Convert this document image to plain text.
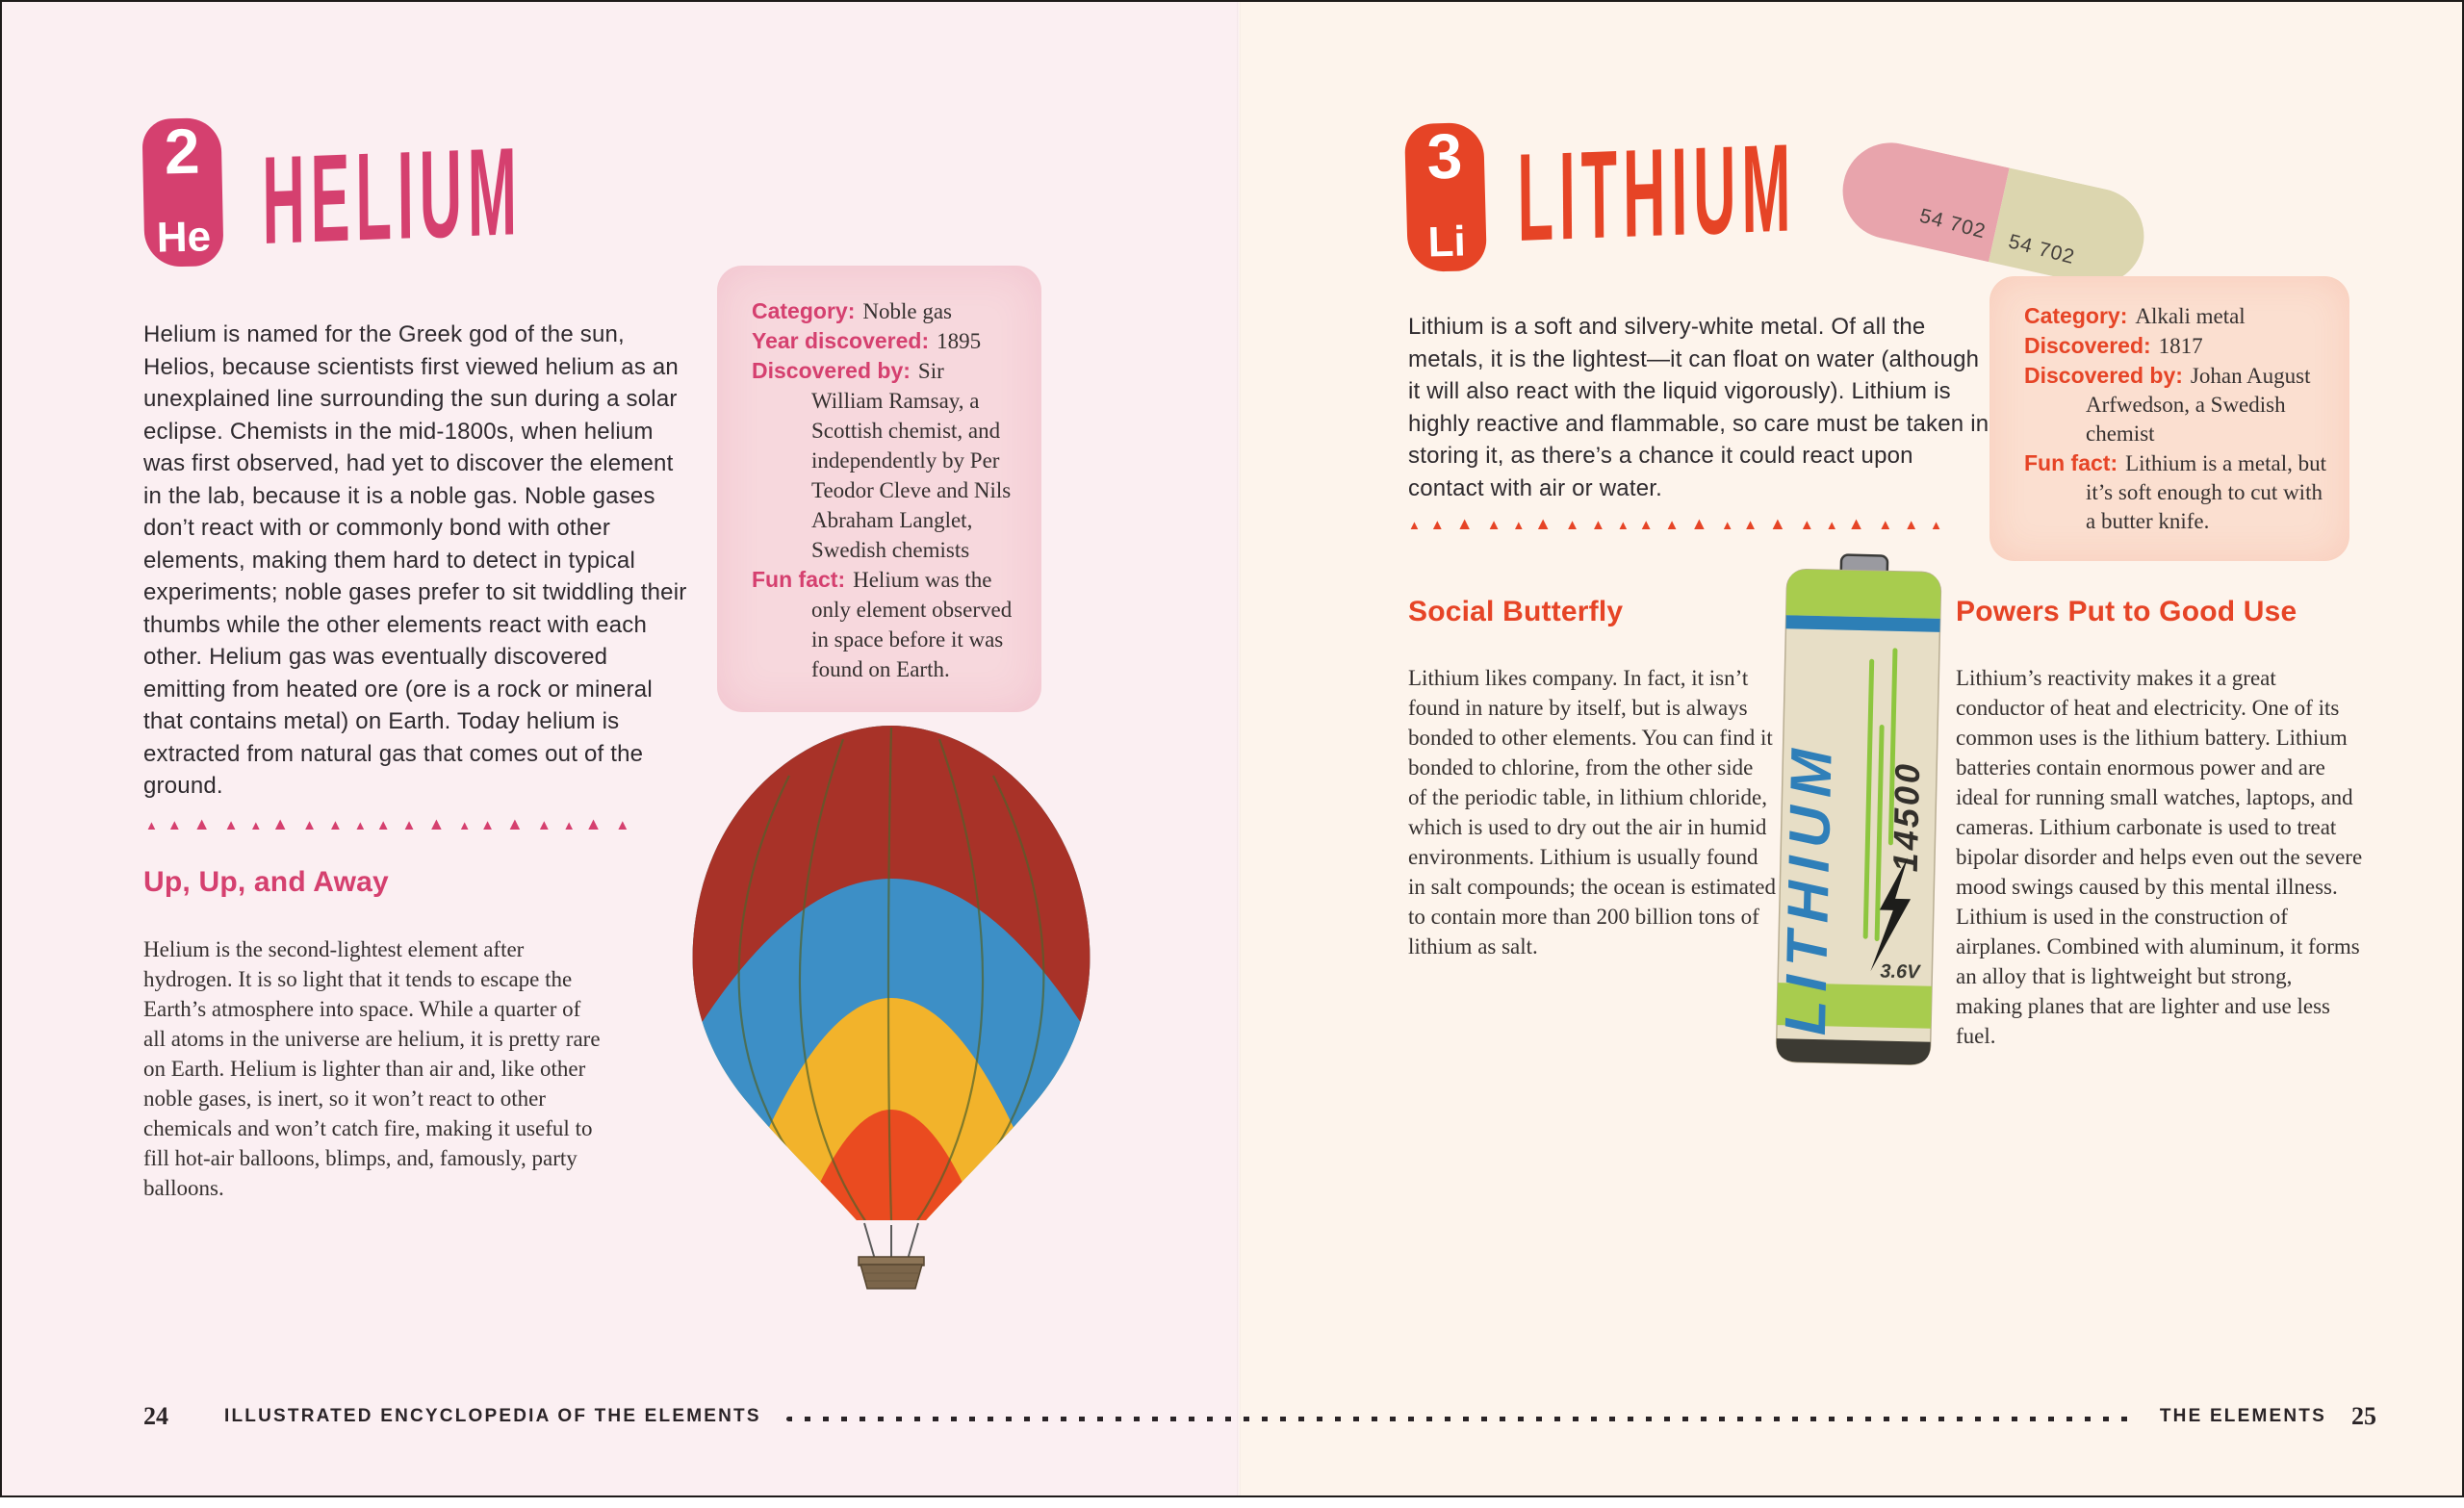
2
He HELIUM

Helium is named for the Greek god of the sun, Helios, because scientists first viewed helium as an unexplained line surrounding the sun during a solar eclipse. Chemists in the mid-1800s, when helium was first observed, had yet to discover the element in the lab, because it is a noble gas. Noble gases don’t react with or commonly bond with other elements, making them hard to detect in typical experiments; noble gases prefer to sit twiddling their thumbs while the other elements react with each other. Helium gas was eventually discovered emitting from heated ore (ore is a rock or mineral that contains metal) on Earth. Today helium is extracted from natural gas that comes out of the ground.

▲ ▲ ▲ ▲ ▲ ▲ ▲ ▲ ▲ ▲ ▲ ▲ ▲ ▲ ▲ ▲ ▲ ▲ ▲
Up, Up, and Away

Helium is the second-lightest element after hydrogen. It is so light that it tends to escape the Earth’s atmosphere into space. While a quarter of all atoms in the universe are helium, it is pretty rare on Earth. Helium is lighter than air and, like other noble gases, is inert, so it won’t react to other chemicals and won’t catch fire, making it useful to fill hot-air balloons, blimps, and, famously, party balloons.

Category: Noble gas

Year discovered: 1895

Discovered by: Sir William Ramsay, a Scottish chemist, and independently by Per Teodor Cleve and Nils Abraham Langlet, Swedish chemists

Fun fact: Helium was the only element observed in space before it was found on Earth.

3
Li LITHIUM	54 702
54 702

Lithium is a soft and silvery-white metal. Of all the metals, it is the lightest—it can float on water (although it will also react with the liquid vigorously). Lithium is highly reactive and flammable, so care must be taken in storing it, as there’s a chance it could react upon contact with air or water.

▲ ▲ ▲ ▲ ▲ ▲ ▲ ▲ ▲ ▲ ▲ ▲ ▲ ▲ ▲ ▲ ▲ ▲ ▲ ▲ ▲

Category: Alkali metal

Discovered: 1817

Discovered by: Johan August Arfwedson, a Swedish chemist

Fun fact: Lithium is a metal, but it’s soft enough to cut with a butter knife.

Social Butterfly

Lithium likes company. In fact, it isn’t found in nature by itself, but is always bonded to other elements. You can find it bonded to chlorine, from the other side of the periodic table, in lithium chloride, which is used to dry out the air in humid environments. Lithium is usually found in salt compounds; the ocean is estimated to contain more than 200 billion tons of lithium as salt.

Powers Put to Good Use

Lithium’s reactivity makes it a great conductor of heat and electricity. One of its common uses is the lithium battery. Lithium batteries contain enormous power and are ideal for running small watches, laptops, and cameras. Lithium carbonate is used to treat bipolar disorder and helps even out the severe mood swings caused by this mental illness. Lithium is used in the construction of airplanes. Combined with aluminum, it forms an alloy that is lightweight but strong, making planes that are lighter and use less fuel.

LITHIUM 14500
3.6V
24	ILLUSTRATED ENCYCLOPEDIA OF THE ELEMENTS	THE ELEMENTS 25
